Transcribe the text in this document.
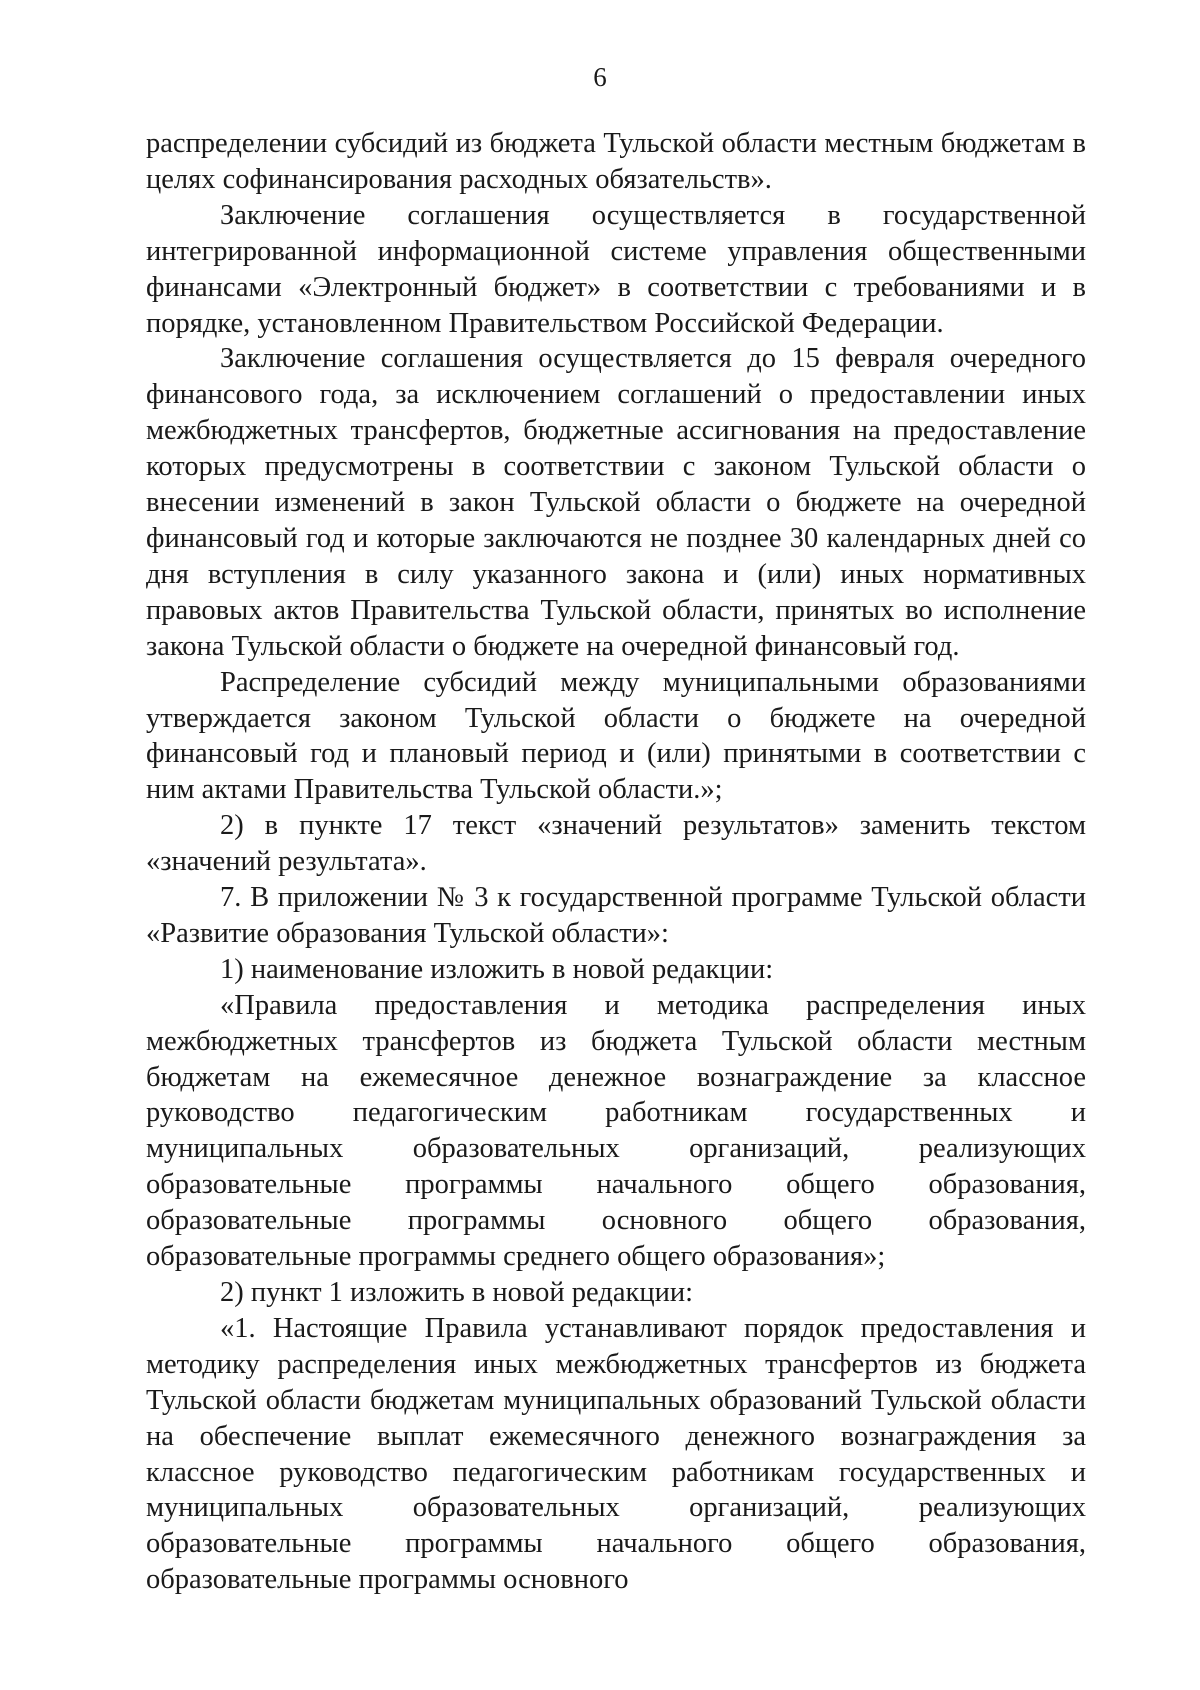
6

распределении субсидий из бюджета Тульской области местным бюджетам в целях софинансирования расходных обязательств».

Заключение соглашения осуществляется в государственной интегрированной информационной системе управления общественными финансами «Электронный бюджет» в соответствии с требованиями и в порядке, установленном Правительством Российской Федерации.

Заключение соглашения осуществляется до 15 февраля очередного финансового года, за исключением соглашений о предоставлении иных межбюджетных трансфертов, бюджетные ассигнования на предоставление которых предусмотрены в соответствии с законом Тульской области о внесении изменений в закон Тульской области о бюджете на очередной финансовый год и которые заключаются не позднее 30 календарных дней со дня вступления в силу указанного закона и (или) иных нормативных правовых актов Правительства Тульской области, принятых во исполнение закона Тульской области о бюджете на очередной финансовый год.

Распределение субсидий между муниципальными образованиями утверждается законом Тульской области о бюджете на очередной финансовый год и плановый период и (или) принятыми в соответствии с ним актами Правительства Тульской области.»;

2) в пункте 17 текст «значений результатов» заменить текстом «значений результата».

7. В приложении № 3 к государственной программе Тульской области «Развитие образования Тульской области»:

1) наименование изложить в новой редакции:

«Правила предоставления и методика распределения иных межбюджетных трансфертов из бюджета Тульской области местным бюджетам на ежемесячное денежное вознаграждение за классное руководство педагогическим работникам государственных и муниципальных образовательных организаций, реализующих образовательные программы начального общего образования, образовательные программы основного общего образования, образовательные программы среднего общего образования»;

2) пункт 1 изложить в новой редакции:

«1. Настоящие Правила устанавливают порядок предоставления и методику распределения иных межбюджетных трансфертов из бюджета Тульской области бюджетам муниципальных образований Тульской области на обеспечение выплат ежемесячного денежного вознаграждения за классное руководство педагогическим работникам государственных и муниципальных образовательных организаций, реализующих образовательные программы начального общего образования, образовательные программы основного
